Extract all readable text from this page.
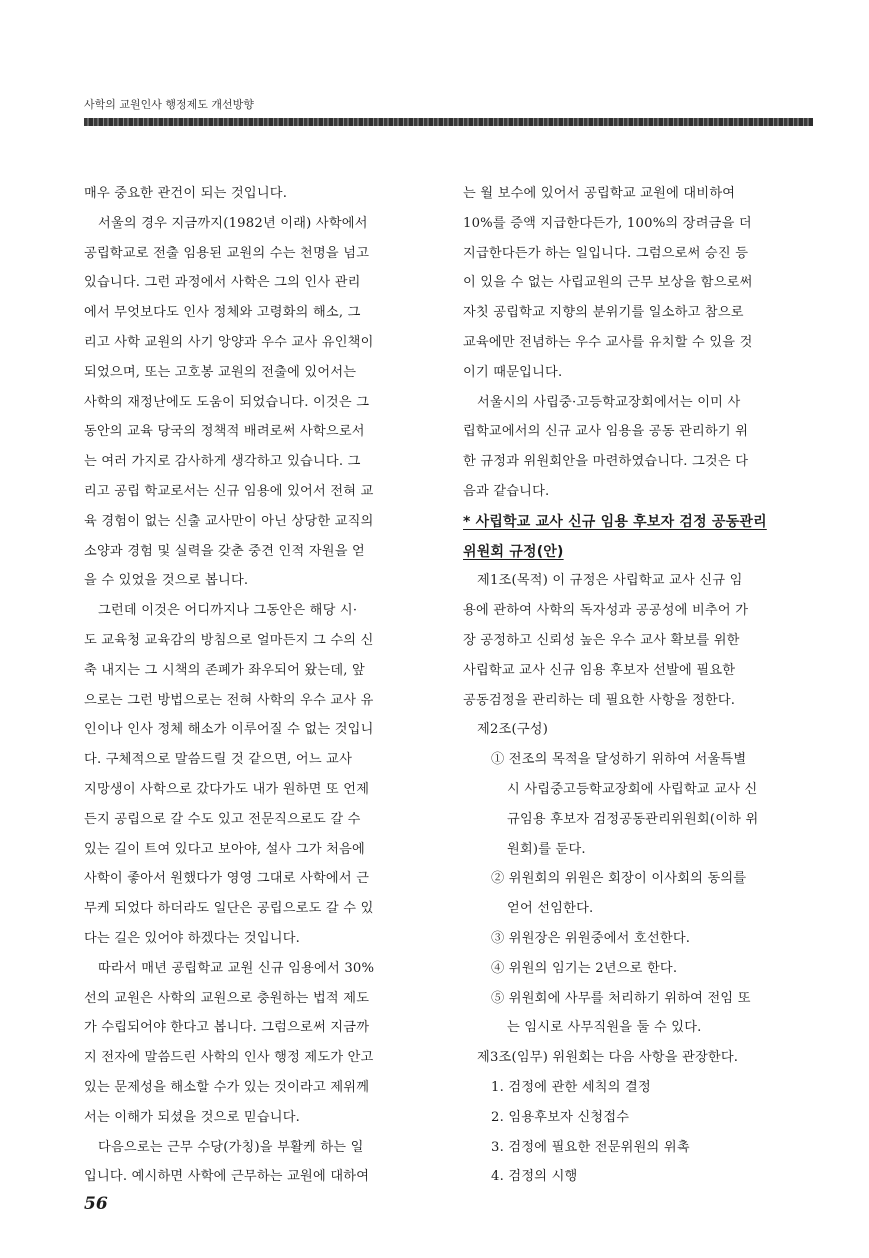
사학의 교원인사 행정제도 개선방향
매우 중요한 관건이 되는 것입니다.
서울의 경우 지금까지(1982년 이래) 사학에서
공립학교로 전출 임용된 교원의 수는 천명을 넘고
있습니다. 그런 과정에서 사학은 그의 인사 관리
에서 무엇보다도 인사 정체와 고령화의 해소, 그
리고 사학 교원의 사기 앙양과 우수 교사 유인책이
되었으며, 또는 고호봉 교원의 전출에 있어서는
사학의 재정난에도 도움이 되었습니다. 이것은 그
동안의 교육 당국의 정책적 배려로써 사학으로서
는 여러 가지로 감사하게 생각하고 있습니다. 그
리고 공립 학교로서는 신규 임용에 있어서 전혀 교
육 경험이 없는 신출 교사만이 아닌 상당한 교직의
소양과 경험 및 실력을 갖춘 중견 인적 자원을 얻
을 수 있었을 것으로 봅니다.
그런데 이것은 어디까지나 그동안은 해당 시·
도 교육청 교육감의 방침으로 얼마든지 그 수의 신
축 내지는 그 시책의 존폐가 좌우되어 왔는데, 앞
으로는 그런 방법으로는 전혀 사학의 우수 교사 유
인이나 인사 정체 해소가 이루어질 수 없는 것입니
다. 구체적으로 말씀드릴 것 같으면, 어느 교사
지망생이 사학으로 갔다가도 내가 원하면 또 언제
든지 공립으로 갈 수도 있고 전문직으로도 갈 수
있는 길이 트여 있다고 보아야, 설사 그가 처음에
사학이 좋아서 원했다가 영영 그대로 사학에서 근
무케 되었다 하더라도 일단은 공립으로도 갈 수 있
다는 길은 있어야 하겠다는 것입니다.
따라서 매년 공립학교 교원 신규 임용에서 30%
선의 교원은 사학의 교원으로 충원하는 법적 제도
가 수립되어야 한다고 봅니다. 그럼으로써 지금까
지 전자에 말씀드린 사학의 인사 행정 제도가 안고
있는 문제성을 해소할 수가 있는 것이라고 제위께
서는 이해가 되셨을 것으로 믿습니다.
다음으로는 근무 수당(가칭)을 부활케 하는 일
입니다. 예시하면 사학에 근무하는 교원에 대하여
는 월 보수에 있어서 공립학교 교원에 대비하여
10%를 증액 지급한다든가, 100%의 장려금을 더
지급한다든가 하는 일입니다. 그럼으로써 승진 등
이 있을 수 없는 사립교원의 근무 보상을 함으로써
자칫 공립학교 지향의 분위기를 일소하고 참으로
교육에만 전념하는 우수 교사를 유치할 수 있을 것
이기 때문입니다.
서울시의 사립중·고등학교장회에서는 이미 사
립학교에서의 신규 교사 임용을 공동 관리하기 위
한 규정과 위원회안을 마련하였습니다. 그것은 다
음과 같습니다.
* 사립학교 교사 신규 임용 후보자 검정 공동관리
위원회 규정(안)
제1조(목적) 이 규정은 사립학교 교사 신규 임
용에 관하여 사학의 독자성과 공공성에 비추어 가
장 공정하고 신뢰성 높은 우수 교사 확보를 위한
사립학교 교사 신규 임용 후보자 선발에 필요한
공동검정을 관리하는 데 필요한 사항을 정한다.
제2조(구성)
① 전조의 목적을 달성하기 위하여 서울특별
시 사립중고등학교장회에 사립학교 교사 신
규임용 후보자 검정공동관리위원회(이하 위
원회)를 둔다.
② 위원회의 위원은 회장이 이사회의 동의를
얻어 선임한다.
③ 위원장은 위원중에서 호선한다.
④ 위원의 임기는 2년으로 한다.
⑤ 위원회에 사무를 처리하기 위하여 전임 또
는 임시로 사무직원을 둘 수 있다.
제3조(임무) 위원회는 다음 사항을 관장한다.
1. 검정에 관한 세칙의 결정
2. 임용후보자 신청접수
3. 검정에 필요한 전문위원의 위촉
4. 검정의 시행
56
